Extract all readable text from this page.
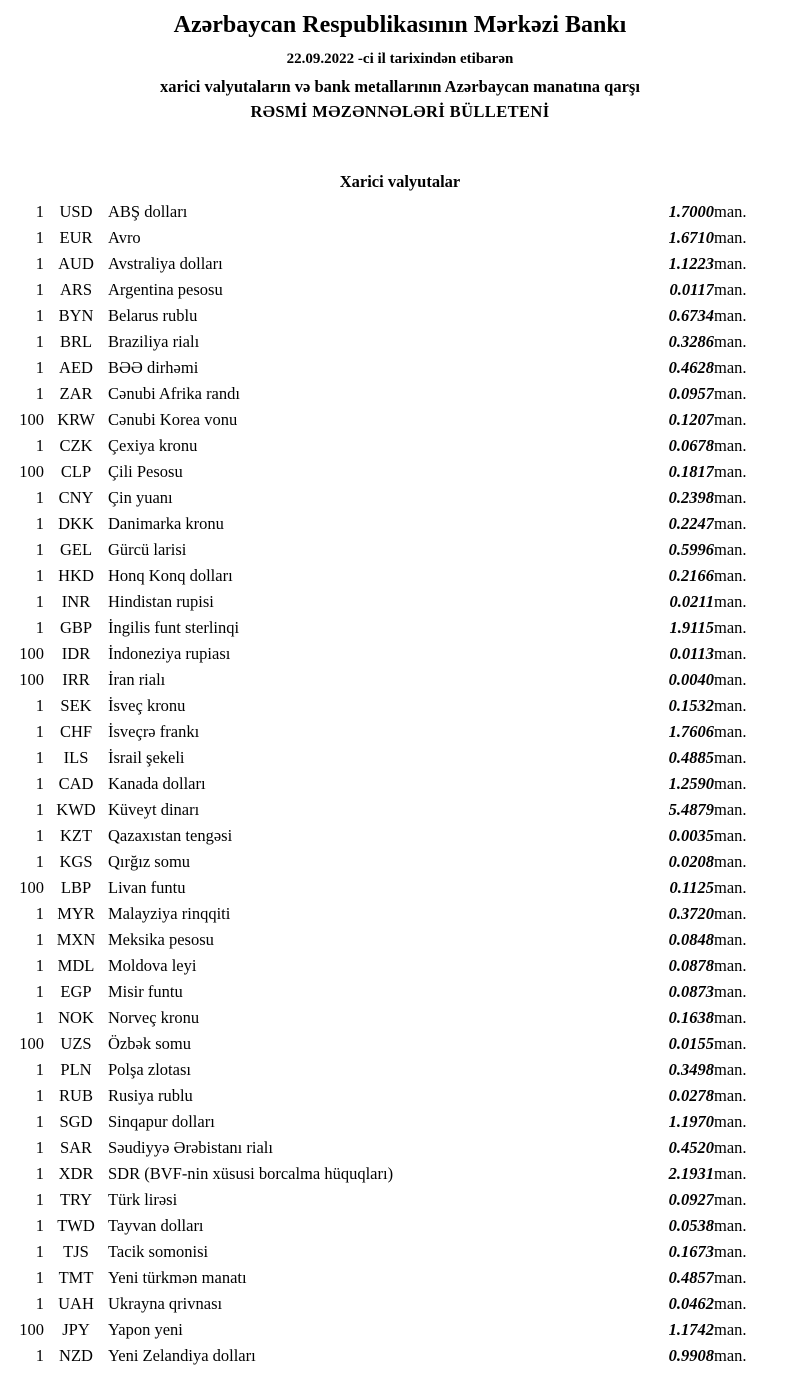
Azərbaycan Respublikasının Mərkəzi Bankı
22.09.2022 -ci il tarixindən etibarən
xarici valyutaların və bank metallarının Azərbaycan manatına qarşı
RƏSMİ MƏZƏNNƏLƏRİ BÜLLETENİ
Xarici valyutalar
1	USD	ABŞ dolları	1.7000	man.
1	EUR	Avro	1.6710	man.
1	AUD	Avstraliya dolları	1.1223	man.
1	ARS	Argentina pesosu	0.0117	man.
1	BYN	Belarus rublu	0.6734	man.
1	BRL	Braziliya rialı	0.3286	man.
1	AED	BƏƏ dirhəmi	0.4628	man.
1	ZAR	Cənubi Afrika randı	0.0957	man.
100	KRW	Cənubi Korea vonu	0.1207	man.
1	CZK	Çexiya kronu	0.0678	man.
100	CLP	Çili Pesosu	0.1817	man.
1	CNY	Çin yuanı	0.2398	man.
1	DKK	Danimarka kronu	0.2247	man.
1	GEL	Gürcü larisi	0.5996	man.
1	HKD	Honq Konq dolları	0.2166	man.
1	INR	Hindistan rupisi	0.0211	man.
1	GBP	İngilis funt sterlinqi	1.9115	man.
100	IDR	İndoneziya rupiası	0.0113	man.
100	IRR	İran rialı	0.0040	man.
1	SEK	İsveç kronu	0.1532	man.
1	CHF	İsveçrə frankı	1.7606	man.
1	ILS	İsrail şekeli	0.4885	man.
1	CAD	Kanada dolları	1.2590	man.
1	KWD	Küveyt dinarı	5.4879	man.
1	KZT	Qazaxıstan tengəsi	0.0035	man.
1	KGS	Qırğız somu	0.0208	man.
100	LBP	Livan funtu	0.1125	man.
1	MYR	Malayziya rinqqiti	0.3720	man.
1	MXN	Meksika pesosu	0.0848	man.
1	MDL	Moldova leyi	0.0878	man.
1	EGP	Misir funtu	0.0873	man.
1	NOK	Norveç kronu	0.1638	man.
100	UZS	Özbək somu	0.0155	man.
1	PLN	Polşa zlotası	0.3498	man.
1	RUB	Rusiya rublu	0.0278	man.
1	SGD	Sinqapur dolları	1.1970	man.
1	SAR	Səudiyyə Ərəbistanı rialı	0.4520	man.
1	XDR	SDR (BVF-nin xüsusi borcalma hüquqları)	2.1931	man.
1	TRY	Türk lirəsi	0.0927	man.
1	TWD	Tayvan dolları	0.0538	man.
1	TJS	Tacik somonisi	0.1673	man.
1	TMT	Yeni türkmən manatı	0.4857	man.
1	UAH	Ukrayna qrivnası	0.0462	man.
100	JPY	Yapon yeni	1.1742	man.
1	NZD	Yeni Zelandiya dolları	0.9908	man.
